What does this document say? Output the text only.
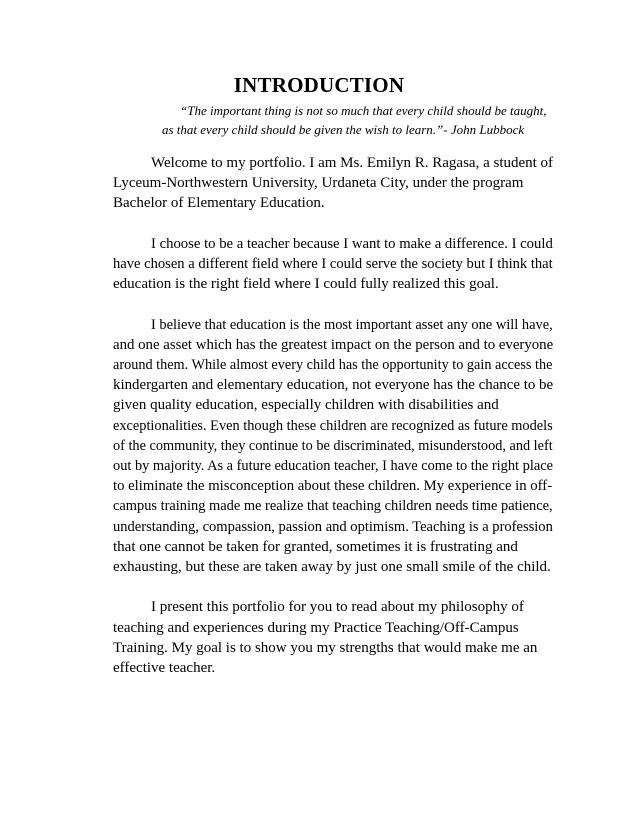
INTRODUCTION
“The important thing is not so much that every child should be taught,
as that every child should be given the wish to learn.”- John Lubbock

Welcome to my portfolio. I am Ms. Emilyn R. Ragasa, a student of
Lyceum-Northwestern University, Urdaneta City, under the program
Bachelor of Elementary Education.

I choose to be a teacher because I want to make a difference. I could
have chosen a different field where I could serve the society but I think that
education is the right field where I could fully realized this goal.

I believe that education is the most important asset any one will have,
and one asset which has the greatest impact on the person and to everyone
around them. While almost every child has the opportunity to gain access the
kindergarten and elementary education, not everyone has the chance to be
given quality education, especially children with disabilities and
exceptionalities. Even though these children are recognized as future models
of the community, they continue to be discriminated, misunderstood, and left
out by majority. As a future education teacher, I have come to the right place
to eliminate the misconception about these children. My experience in off-
campus training made me realize that teaching children needs time patience,
understanding, compassion, passion and optimism. Teaching is a profession
that one cannot be taken for granted, sometimes it is frustrating and
exhausting, but these are taken away by just one small smile of the child.

I present this portfolio for you to read about my philosophy of
teaching and experiences during my Practice Teaching/Off-Campus
Training. My goal is to show you my strengths that would make me an
effective teacher.
